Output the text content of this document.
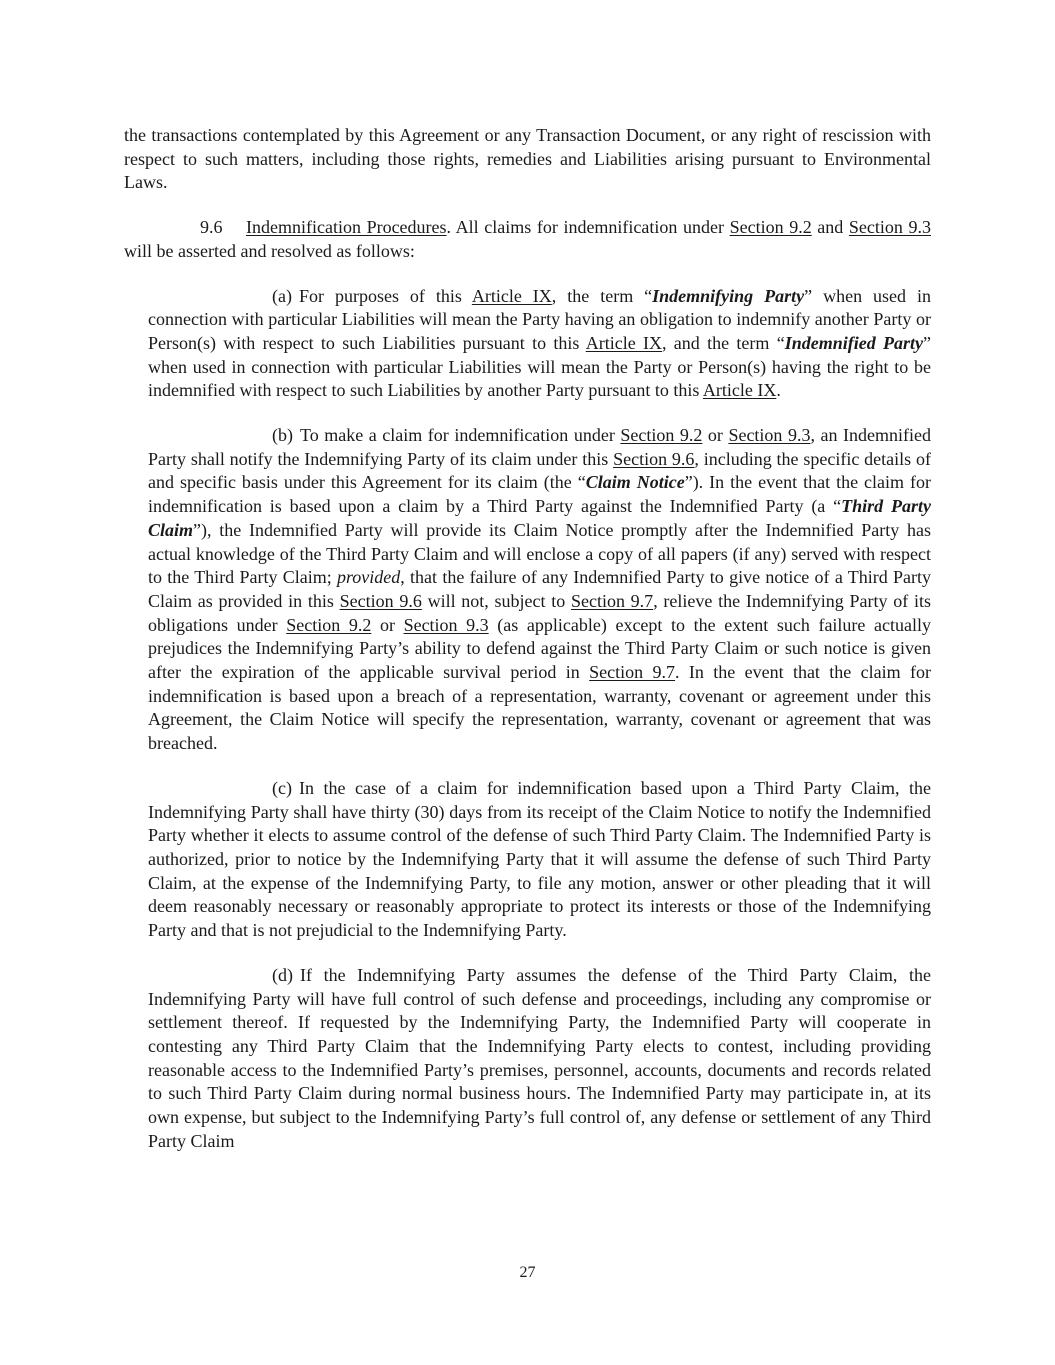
the transactions contemplated by this Agreement or any Transaction Document, or any right of rescission with respect to such matters, including those rights, remedies and Liabilities arising pursuant to Environmental Laws.

9.6 Indemnification Procedures. All claims for indemnification under Section 9.2 and Section 9.3 will be asserted and resolved as follows:

(a) For purposes of this Article IX, the term “Indemnifying Party” when used in connection with particular Liabilities will mean the Party having an obligation to indemnify another Party or Person(s) with respect to such Liabilities pursuant to this Article IX, and the term “Indemnified Party” when used in connection with particular Liabilities will mean the Party or Person(s) having the right to be indemnified with respect to such Liabilities by another Party pursuant to this Article IX.

(b) To make a claim for indemnification under Section 9.2 or Section 9.3, an Indemnified Party shall notify the Indemnifying Party of its claim under this Section 9.6, including the specific details of and specific basis under this Agreement for its claim (the “Claim Notice”). In the event that the claim for indemnification is based upon a claim by a Third Party against the Indemnified Party (a “Third Party Claim”), the Indemnified Party will provide its Claim Notice promptly after the Indemnified Party has actual knowledge of the Third Party Claim and will enclose a copy of all papers (if any) served with respect to the Third Party Claim; provided, that the failure of any Indemnified Party to give notice of a Third Party Claim as provided in this Section 9.6 will not, subject to Section 9.7, relieve the Indemnifying Party of its obligations under Section 9.2 or Section 9.3 (as applicable) except to the extent such failure actually prejudices the Indemnifying Party’s ability to defend against the Third Party Claim or such notice is given after the expiration of the applicable survival period in Section 9.7. In the event that the claim for indemnification is based upon a breach of a representation, warranty, covenant or agreement under this Agreement, the Claim Notice will specify the representation, warranty, covenant or agreement that was breached.

(c) In the case of a claim for indemnification based upon a Third Party Claim, the Indemnifying Party shall have thirty (30) days from its receipt of the Claim Notice to notify the Indemnified Party whether it elects to assume control of the defense of such Third Party Claim. The Indemnified Party is authorized, prior to notice by the Indemnifying Party that it will assume the defense of such Third Party Claim, at the expense of the Indemnifying Party, to file any motion, answer or other pleading that it will deem reasonably necessary or reasonably appropriate to protect its interests or those of the Indemnifying Party and that is not prejudicial to the Indemnifying Party.

(d) If the Indemnifying Party assumes the defense of the Third Party Claim, the Indemnifying Party will have full control of such defense and proceedings, including any compromise or settlement thereof. If requested by the Indemnifying Party, the Indemnified Party will cooperate in contesting any Third Party Claim that the Indemnifying Party elects to contest, including providing reasonable access to the Indemnified Party’s premises, personnel, accounts, documents and records related to such Third Party Claim during normal business hours. The Indemnified Party may participate in, at its own expense, but subject to the Indemnifying Party’s full control of, any defense or settlement of any Third Party Claim

27
